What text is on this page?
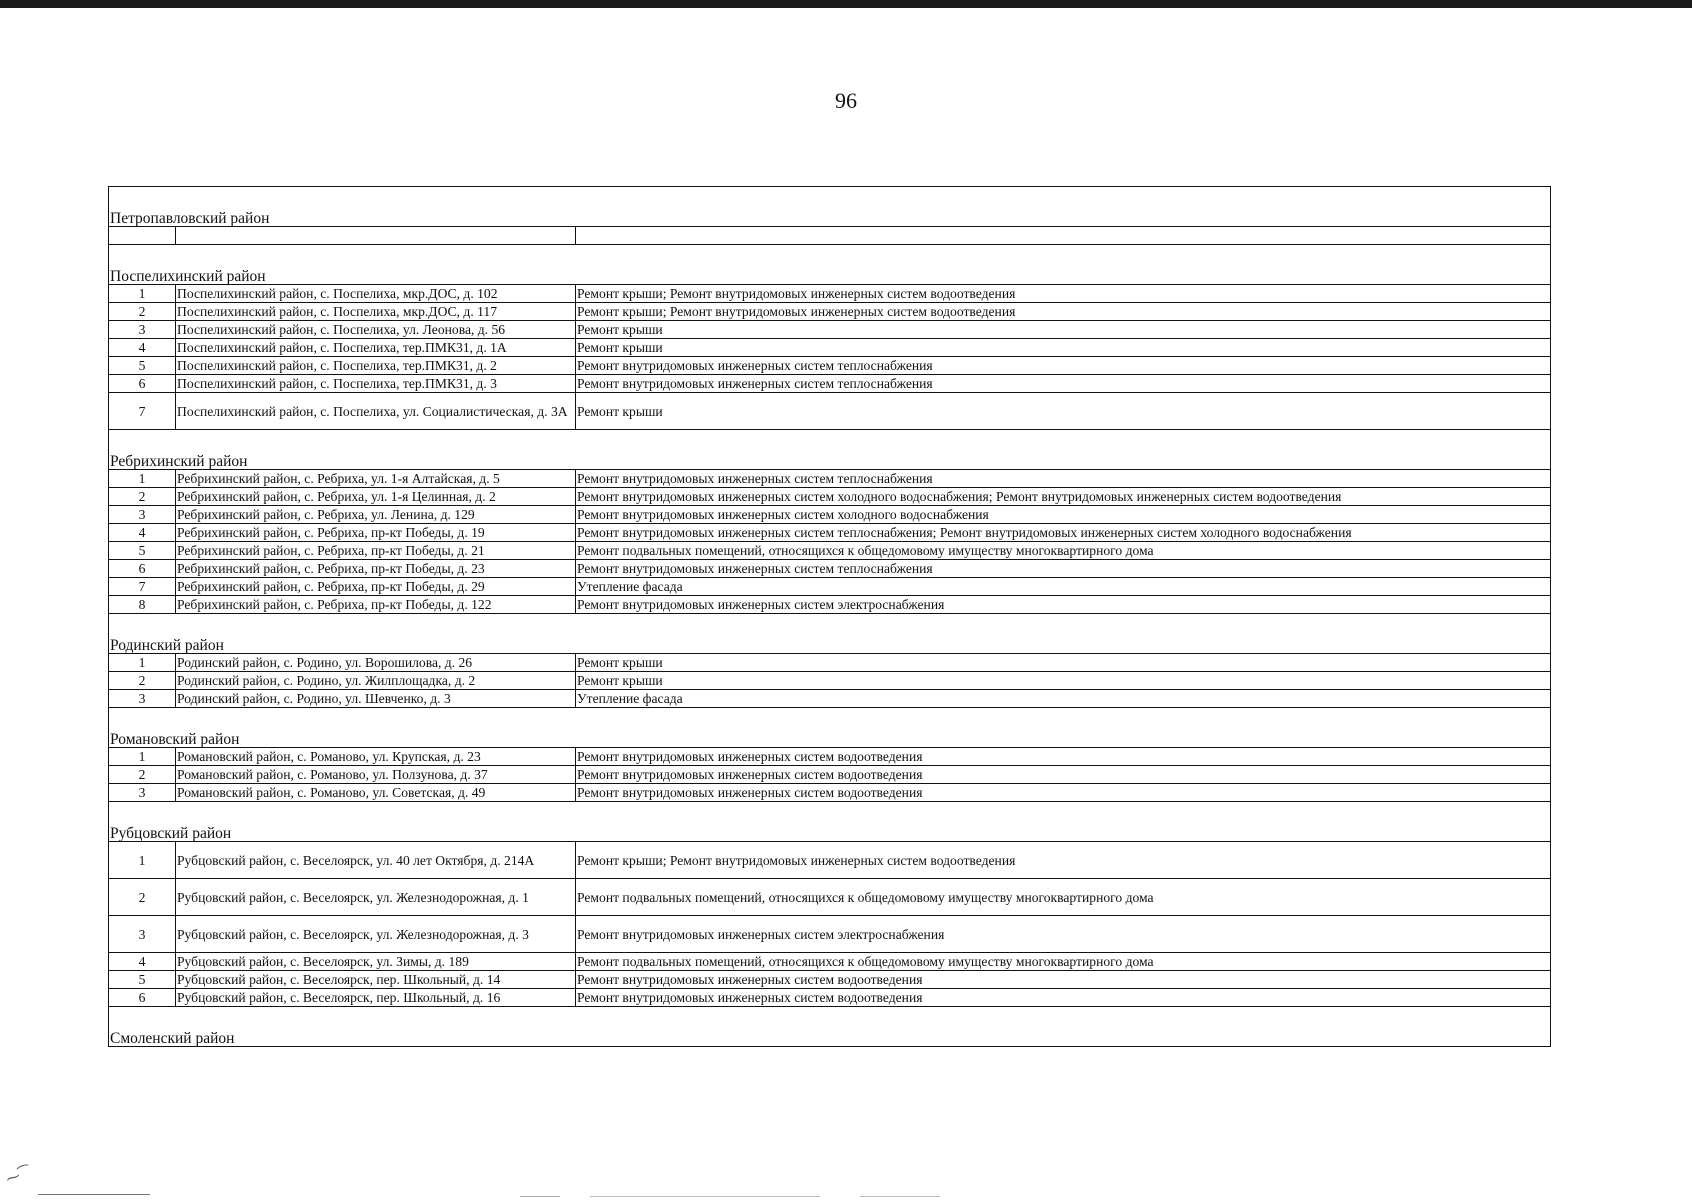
96
Петропавловский район		

Поспелихинский район		
1	Поспелихинский район, с. Поспелиха, мкр.ДОС, д. 102	Ремонт крыши; Ремонт внутридомовых инженерных систем водоотведения
2	Поспелихинский район, с. Поспелиха, мкр.ДОС, д. 117	Ремонт крыши; Ремонт внутридомовых инженерных систем водоотведения
3	Поспелихинский район, с. Поспелиха, ул. Леонова, д. 56	Ремонт крыши
4	Поспелихинский район, с. Поспелиха, тер.ПМК31, д. 1А	Ремонт крыши
5	Поспелихинский район, с. Поспелиха, тер.ПМК31, д. 2	Ремонт внутридомовых инженерных систем теплоснабжения
6	Поспелихинский район, с. Поспелиха, тер.ПМК31, д. 3	Ремонт внутридомовых инженерных систем теплоснабжения
7	Поспелихинский район, с. Поспелиха, ул. Социалистическая, д. 3А	Ремонт крыши
Ребрихинский район		
1	Ребрихинский район, с. Ребриха, ул. 1-я Алтайская, д. 5	Ремонт внутридомовых инженерных систем теплоснабжения
2	Ребрихинский район, с. Ребриха, ул. 1-я Целинная, д. 2	Ремонт внутридомовых инженерных систем холодного водоснабжения; Ремонт внутридомовых инженерных систем водоотведения
3	Ребрихинский район, с. Ребриха, ул. Ленина, д. 129	Ремонт внутридомовых инженерных систем холодного водоснабжения
4	Ребрихинский район, с. Ребриха, пр-кт Победы, д. 19	Ремонт внутридомовых инженерных систем теплоснабжения; Ремонт внутридомовых инженерных систем холодного водоснабжения
5	Ребрихинский район, с. Ребриха, пр-кт Победы, д. 21	Ремонт подвальных помещений, относящихся к общедомовому имуществу многоквартирного дома
6	Ребрихинский район, с. Ребриха, пр-кт Победы, д. 23	Ремонт внутридомовых инженерных систем теплоснабжения
7	Ребрихинский район, с. Ребриха, пр-кт Победы, д. 29	Утепление фасада
8	Ребрихинский район, с. Ребриха, пр-кт Победы, д. 122	Ремонт внутридомовых инженерных систем электроснабжения
Родинский район		
1	Родинский район, с. Родино, ул. Ворошилова, д. 26	Ремонт крыши
2	Родинский район, с. Родино, ул. Жилплощадка, д. 2	Ремонт крыши
3	Родинский район, с. Родино, ул. Шевченко, д. 3	Утепление фасада
Романовский район		
1	Романовский район, с. Романово, ул. Крупская, д. 23	Ремонт внутридомовых инженерных систем водоотведения
2	Романовский район, с. Романово, ул. Ползунова, д. 37	Ремонт внутридомовых инженерных систем водоотведения
3	Романовский район, с. Романово, ул. Советская, д. 49	Ремонт внутридомовых инженерных систем водоотведения
Рубцовский район		
1	Рубцовский район, с. Веселоярск, ул. 40 лет Октября, д. 214А	Ремонт крыши; Ремонт внутридомовых инженерных систем водоотведения
2	Рубцовский район, с. Веселоярск, ул. Железнодорожная, д. 1	Ремонт подвальных помещений, относящихся к общедомовому имуществу многоквартирного дома
3	Рубцовский район, с. Веселоярск, ул. Железнодорожная, д. 3	Ремонт внутридомовых инженерных систем электроснабжения
4	Рубцовский район, с. Веселоярск, ул. Зимы, д. 189	Ремонт подвальных помещений, относящихся к общедомовому имуществу многоквартирного дома
5	Рубцовский район, с. Веселоярск, пер. Школьный, д. 14	Ремонт внутридомовых инженерных систем водоотведения
6	Рубцовский район, с. Веселоярск, пер. Школьный, д. 16	Ремонт внутридомовых инженерных систем водоотведения
Смоленский район		
⁓⁀
